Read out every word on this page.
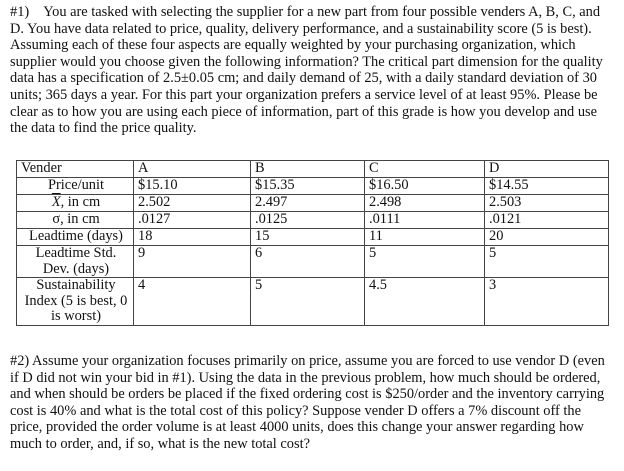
#1) You are tasked with selecting the supplier for a new part from four possible venders A, B, C, and D. You have data related to price, quality, delivery performance, and a sustainability score (5 is best). Assuming each of these four aspects are equally weighted by your purchasing organization, which supplier would you choose given the following information? The critical part dimension for the quality data has a specification of 2.5±0.05 cm; and daily demand of 25, with a daily standard deviation of 30 units; 365 days a year. For this part your organization prefers a service level of at least 95%. Please be clear as to how you are using each piece of information, part of this grade is how you develop and use the data to find the price quality.

Vender	A	B	C	D
Price/unit	$15.10	$15.35	$16.50	$14.55
$\overline{X}$, in cm	2.502	2.497	2.498	2.503
σ, in cm	.0127	.0125	.0111	.0121
Leadtime (days)	18	15	11	20
Leadtime Std. Dev. (days)	9	6	5	5
Sustainability Index (5 is best, 0 is worst)	4	5	4.5	3

#2) Assume your organization focuses primarily on price, assume you are forced to use vendor D (even if D did not win your bid in #1). Using the data in the previous problem, how much should be ordered, and when should be orders be placed if the fixed ordering cost is $250/order and the inventory carrying cost is 40% and what is the total cost of this policy? Suppose vender D offers a 7% discount off the price, provided the order volume is at least 4000 units, does this change your answer regarding how much to order, and, if so, what is the new total cost?
